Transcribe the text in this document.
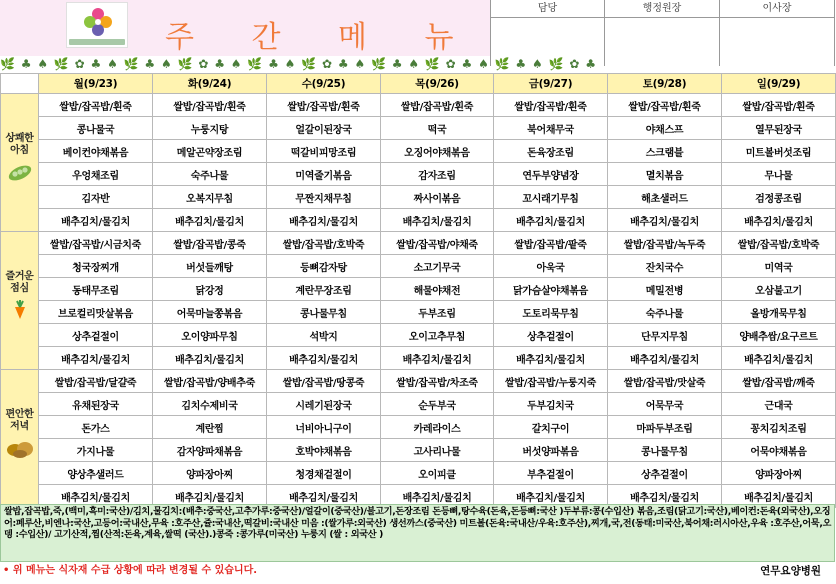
주 간 메 뉴
담당	행정원장	이사장
🌿 ♣ ♠ 🌿 ✿ ♣ ♠ 🌿 ♣ ♠ 🌿 ✿ ♣ ♠ 🌿 ♣ ♠ 🌿 ✿ ♣ ♠ 🌿 ♣ ♠ 🌿 ✿ ♣ ♠ 🌿 ♣ ♠ 🌿 ✿ ♣
	월(9/23)	화(9/24)	수(9/25)	목(9/26)	금(9/27)	토(9/28)	일(9/29)

상쾌한
아침	쌀밥/잡곡밥/흰죽	쌀밥/잡곡밥/흰죽	쌀밥/잡곡밥/흰죽	쌀밥/잡곡밥/흰죽	쌀밥/잡곡밥/흰죽	쌀밥/잡곡밥/흰죽	쌀밥/잡곡밥/흰죽
	콩나물국	누룽지탕	얼갈이된장국	떡국	북어채무국	야채스프	열무된장국
	베이컨야채볶음	메알곤약장조림	떡갈비피망조림	오징어야채볶음	돈육장조림	스크램블	미트볼버섯조림
	우엉채조림	숙주나물	미역줄기볶음	감자조림	연두부양념장	멸치볶음	무나물
	김자반	오복지무침	무짠지채무침	짜사이볶음	꼬시래기무침	해초샐러드	검정콩조림
	배추김치/물김치	배추김치/물김치	배추김치/물김치	배추김치/물김치	배추김치/물김치	배추김치/물김치	배추김치/물김치

즐거운
점심	쌀밥/잡곡밥/시금치죽	쌀밥/잡곡밥/콩죽	쌀밥/잡곡밥/호박죽	쌀밥/잡곡밥/야채죽	쌀밥/잡곡밥/팥죽	쌀밥/잡곡밥/녹두죽	쌀밥/잡곡밥/호박죽
	청국장찌개	버섯들깨탕	등뼈감자탕	소고기무국	아욱국	잔치국수	미역국
	동태무조림	닭강정	계란무장조림	해물야채전	닭가슴살야채볶음	메밀전병	오삼불고기
	브로컬리맛살볶음	어묵마늘쫑볶음	콩나물무침	두부조림	도토리묵무침	숙주나물	올방개묵무침
	상추겉절이	오이양파무침	석박지	오이고추무침	상추겉절이	단무지무침	양배추쌈/요구르트
	배추김치/물김치	배추김치/물김치	배추김치/물김치	배추김치/물김치	배추김치/물김치	배추김치/물김치	배추김치/물김치

편안한
저녁	쌀밥/잡곡밥/달걀죽	쌀밥/잡곡밥/양배추죽	쌀밥/잡곡밥/땅콩죽	쌀밥/잡곡밥/차조죽	쌀밥/잡곡밥/누룽지죽	쌀밥/잡곡밥/맛살죽	쌀밥/잡곡밥/깨죽
	유채된장국	김치수제비국	시레기된장국	순두부국	두부김치국	어묵무국	근대국
	돈가스	계란찜	너비아니구이	카레라이스	갈치구이	마파두부조림	꽁치김치조림
	가지나물	감자양파채볶음	호박야채볶음	고사리나물	버섯양파볶음	콩나물무침	어묵야채볶음
	양상추샐러드	양파장아찌	청경채겉절이	오이피클	부추겉절이	상추겉절이	양파장아찌
	배추김치/물김치	배추김치/물김치	배추김치/물김치	배추김치/물김치	배추김치/물김치	배추김치/물김치	배추김치/물김치
쌀밥,잡곡밥,죽,(백미,흑미:국산)/김치,물김치:(배추:중국산,고추가루:중국산)/얼갈이(중국산)/불고기,돈장조림 돈등뼈,탕수육(돈육,돈등뼈:국산 )두부류:콩(수입산) 볶음,조림(닭고기:국산),베이컨:돈육(외국산),오징어:페루산,비엔나:국산,고등어:국내산,무육 :호주산,쥴:국내산,떡갈비:국내산 미음 :(쌀가루:외국산) 생선까스(중국산) 미트볼(돈육:국내산/우육:호주산),찌개,국,전(동태:미국산,북어채:러시아산,우육 :호주산,어묵,오뎅 :수입산)/ 고기산적,찜(산적:돈육,계육,쌀떡 (국산).)콩죽 :콩가루(미국산) 누룽지 (쌀 : 외국산 )
• 위 메뉴는 식자재 수급 상황에 따라 변경될 수 있습니다.	연무요양병원
